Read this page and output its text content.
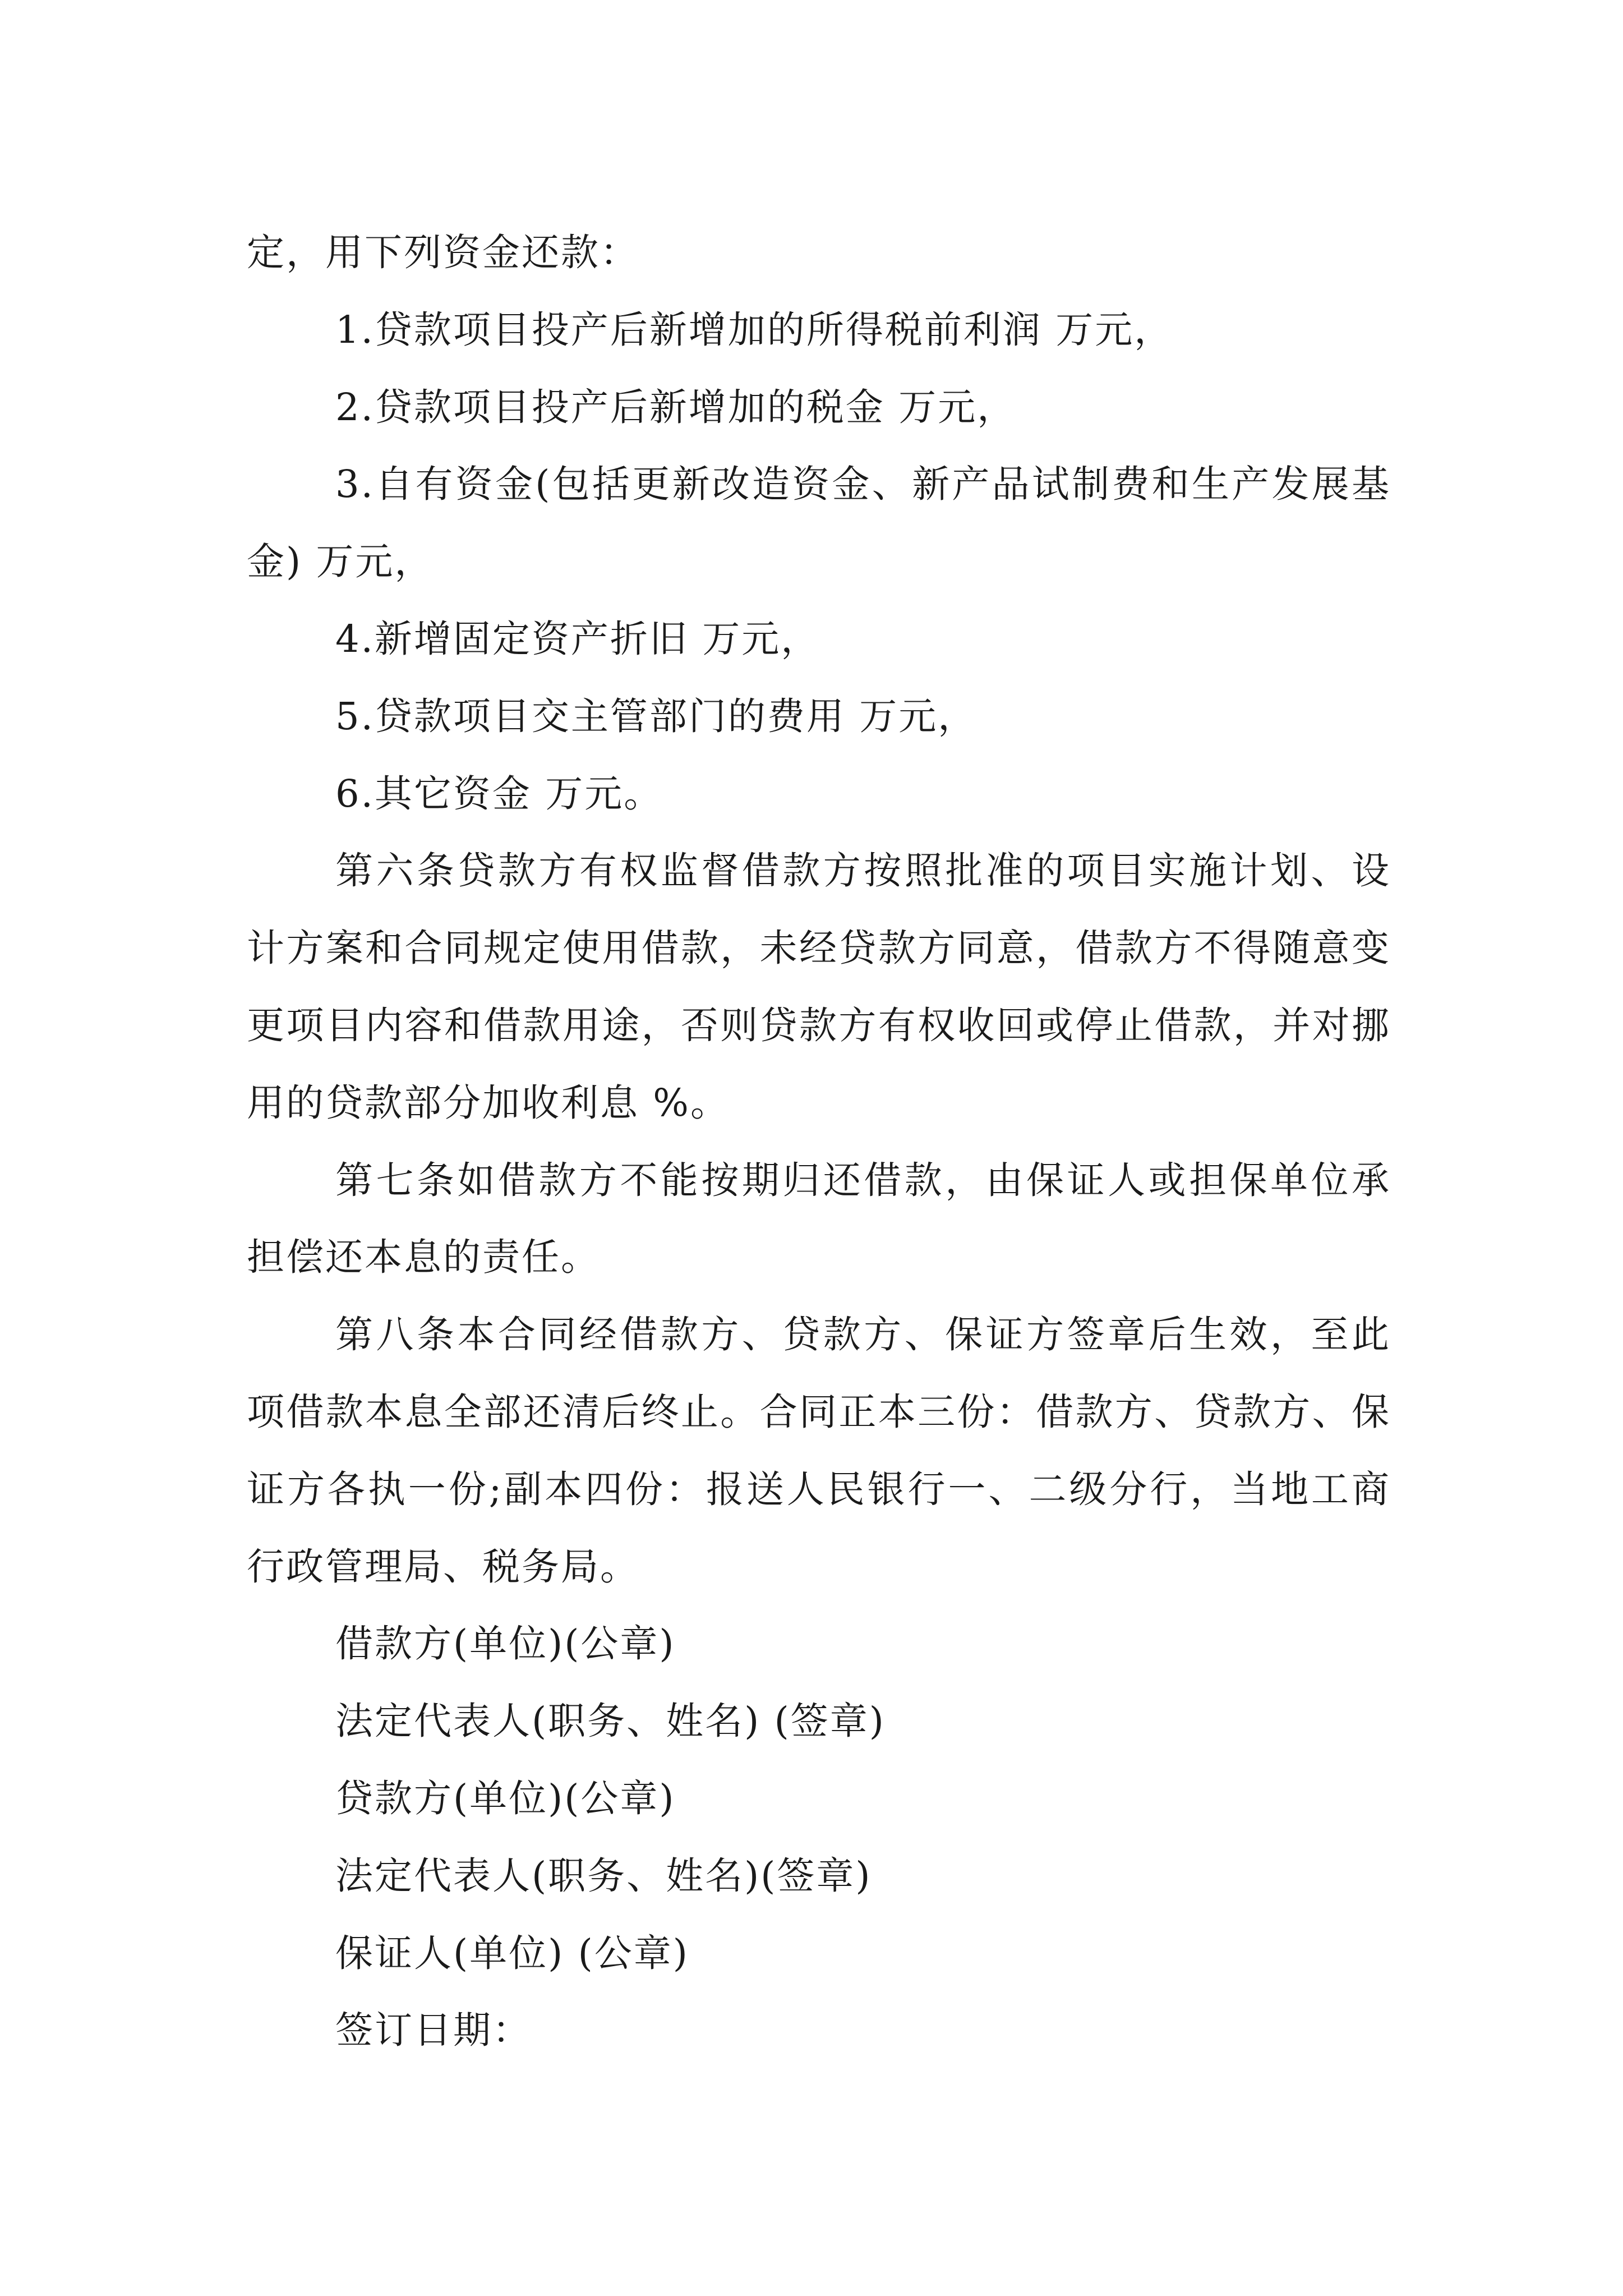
定，用下列资金还款：

1.贷款项目投产后新增加的所得税前利润 万元，

2.贷款项目投产后新增加的税金 万元，

3.自有资金(包括更新改造资金、新产品试制费和生产发展基金) 万元，

4.新增固定资产折旧 万元，

5.贷款项目交主管部门的费用 万元，

6.其它资金 万元。

第六条贷款方有权监督借款方按照批准的项目实施计划、设计方案和合同规定使用借款，未经贷款方同意，借款方不得随意变更项目内容和借款用途，否则贷款方有权收回或停止借款，并对挪用的贷款部分加收利息 %。

第七条如借款方不能按期归还借款，由保证人或担保单位承担偿还本息的责任。

第八条本合同经借款方、贷款方、保证方签章后生效，至此项借款本息全部还清后终止。合同正本三份：借款方、贷款方、保证方各执一份;副本四份：报送人民银行一、二级分行，当地工商行政管理局、税务局。

借款方(单位)(公章)

法定代表人(职务、姓名) (签章)

贷款方(单位)(公章)

法定代表人(职务、姓名)(签章)

保证人(单位) (公章)

签订日期：
